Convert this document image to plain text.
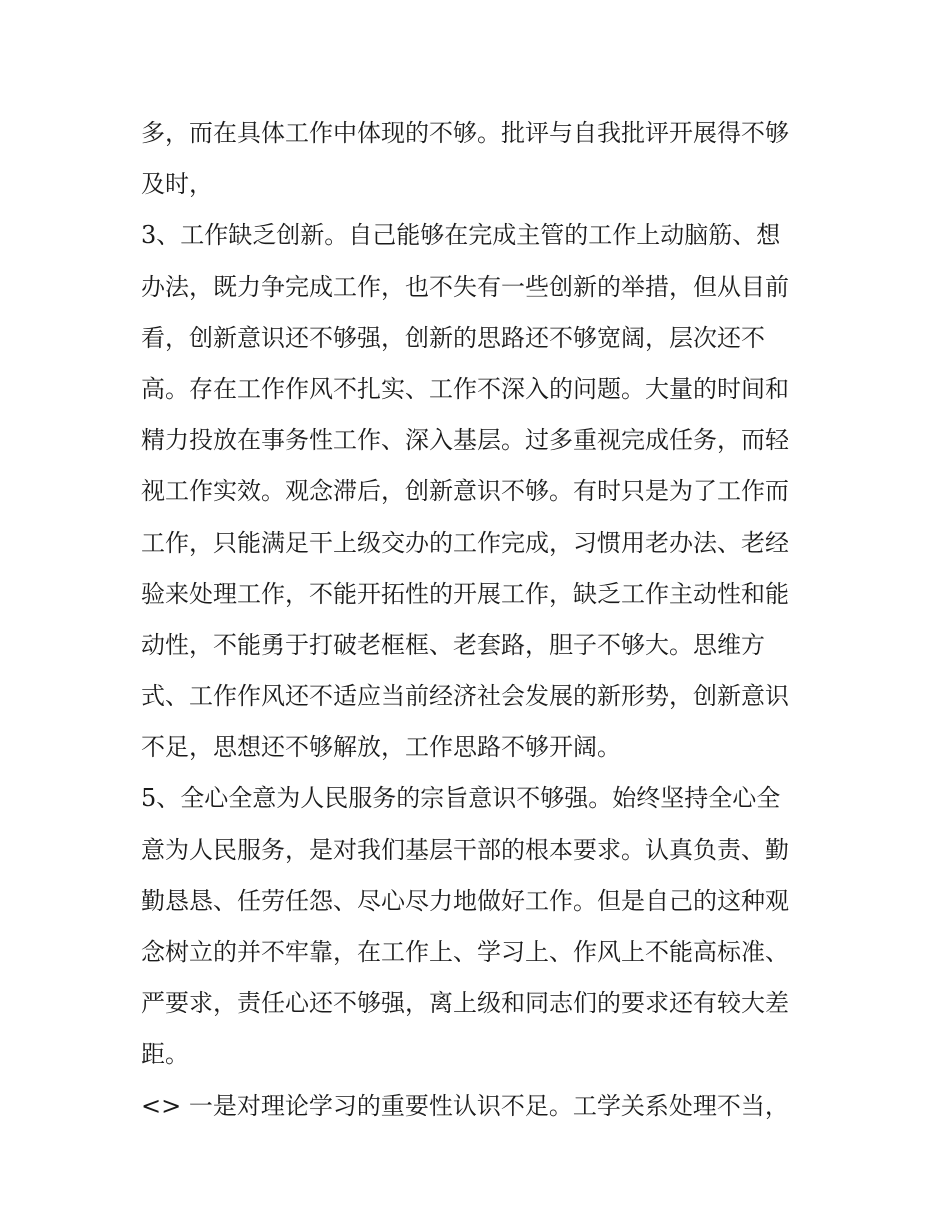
多，而在具体工作中体现的不够。批评与自我批评开展得不够
及时，
3、工作缺乏创新。自己能够在完成主管的工作上动脑筋、想
办法，既力争完成工作，也不失有一些创新的举措，但从目前
看，创新意识还不够强，创新的思路还不够宽阔，层次还不
高。存在工作作风不扎实、工作不深入的问题。大量的时间和
精力投放在事务性工作、深入基层。过多重视完成任务，而轻
视工作实效。观念滞后，创新意识不够。有时只是为了工作而
工作，只能满足干上级交办的工作完成，习惯用老办法、老经
验来处理工作，不能开拓性的开展工作，缺乏工作主动性和能
动性，不能勇于打破老框框、老套路，胆子不够大。思维方
式、工作作风还不适应当前经济社会发展的新形势，创新意识
不足，思想还不够解放，工作思路不够开阔。
5、全心全意为人民服务的宗旨意识不够强。始终坚持全心全
意为人民服务，是对我们基层干部的根本要求。认真负责、勤
勤恳恳、任劳任怨、尽心尽力地做好工作。但是自己的这种观
念树立的并不牢靠，在工作上、学习上、作风上不能高标准、
严要求，责任心还不够强，离上级和同志们的要求还有较大差
距。
<> 一是对理论学习的重要性认识不足。工学关系处理不当，
